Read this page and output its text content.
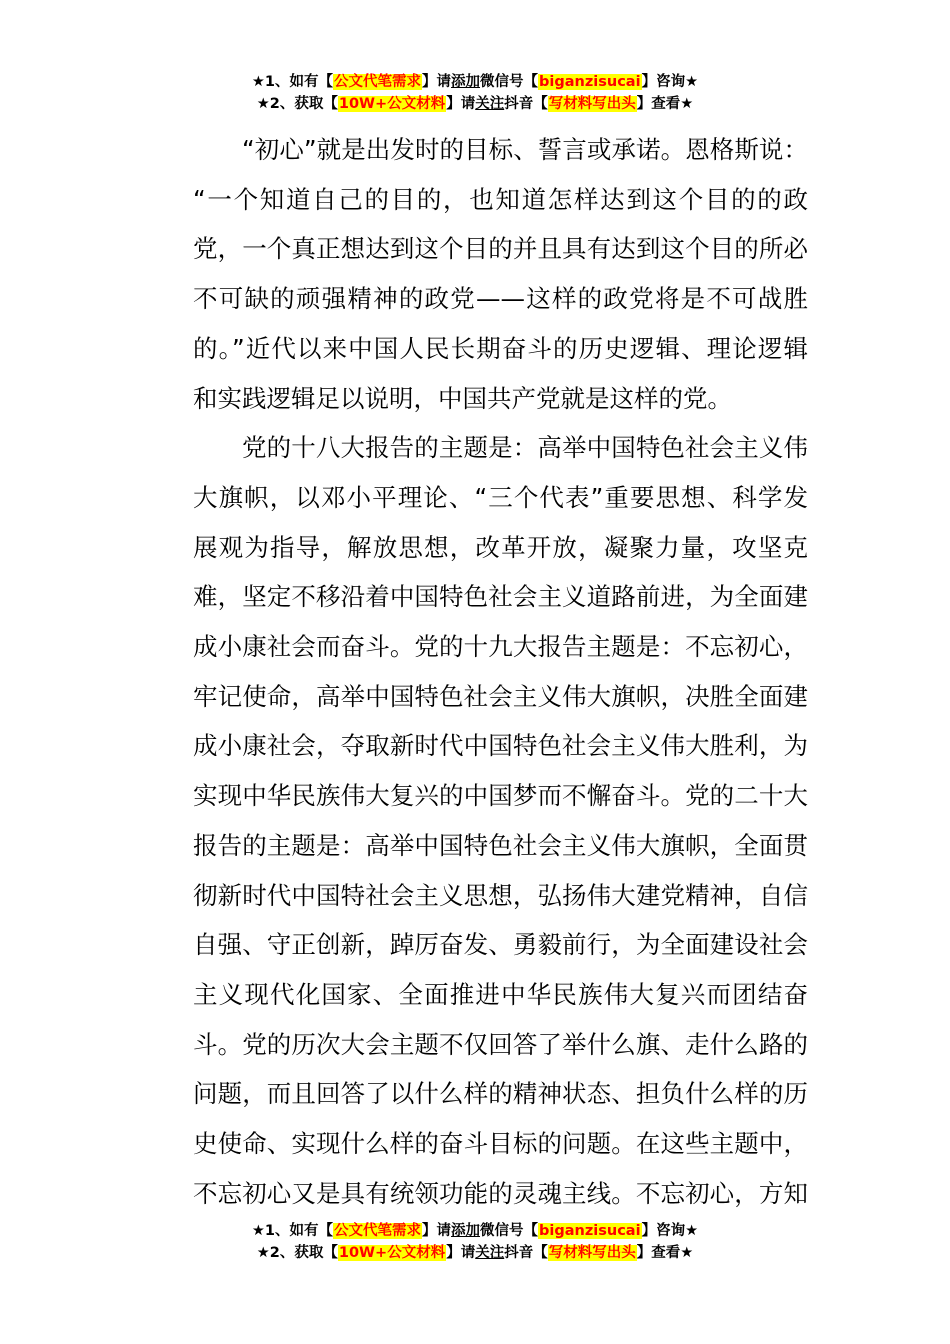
★1、如有【公文代笔需求】请添加微信号【biganzisucai】咨询★
★2、获取【10W+公文材料】请关注抖音【写材料写出头】查看★

“初心”就是出发时的目标、誓言或承诺。恩格斯说：
“一个知道自己的目的，也知道怎样达到这个目的的政
党，一个真正想达到这个目的并且具有达到这个目的所必
不可缺的顽强精神的政党——这样的政党将是不可战胜
的。”近代以来中国人民长期奋斗的历史逻辑、理论逻辑
和实践逻辑足以说明，中国共产党就是这样的党。

党的十八大报告的主题是：高举中国特色社会主义伟
大旗帜，以邓小平理论、“三个代表”重要思想、科学发
展观为指导，解放思想，改革开放，凝聚力量，攻坚克
难，坚定不移沿着中国特色社会主义道路前进，为全面建
成小康社会而奋斗。党的十九大报告主题是：不忘初心，
牢记使命，高举中国特色社会主义伟大旗帜，决胜全面建
成小康社会，夺取新时代中国特色社会主义伟大胜利，为
实现中华民族伟大复兴的中国梦而不懈奋斗。党的二十大
报告的主题是：高举中国特色社会主义伟大旗帜，全面贯
彻新时代中国特社会主义思想，弘扬伟大建党精神，自信
自强、守正创新，踔厉奋发、勇毅前行，为全面建设社会
主义现代化国家、全面推进中华民族伟大复兴而团结奋
斗。党的历次大会主题不仅回答了举什么旗、走什么路的
问题，而且回答了以什么样的精神状态、担负什么样的历
史使命、实现什么样的奋斗目标的问题。在这些主题中，
不忘初心又是具有统领功能的灵魂主线。不忘初心，方知

★1、如有【公文代笔需求】请添加微信号【biganzisucai】咨询★
★2、获取【10W+公文材料】请关注抖音【写材料写出头】查看★
